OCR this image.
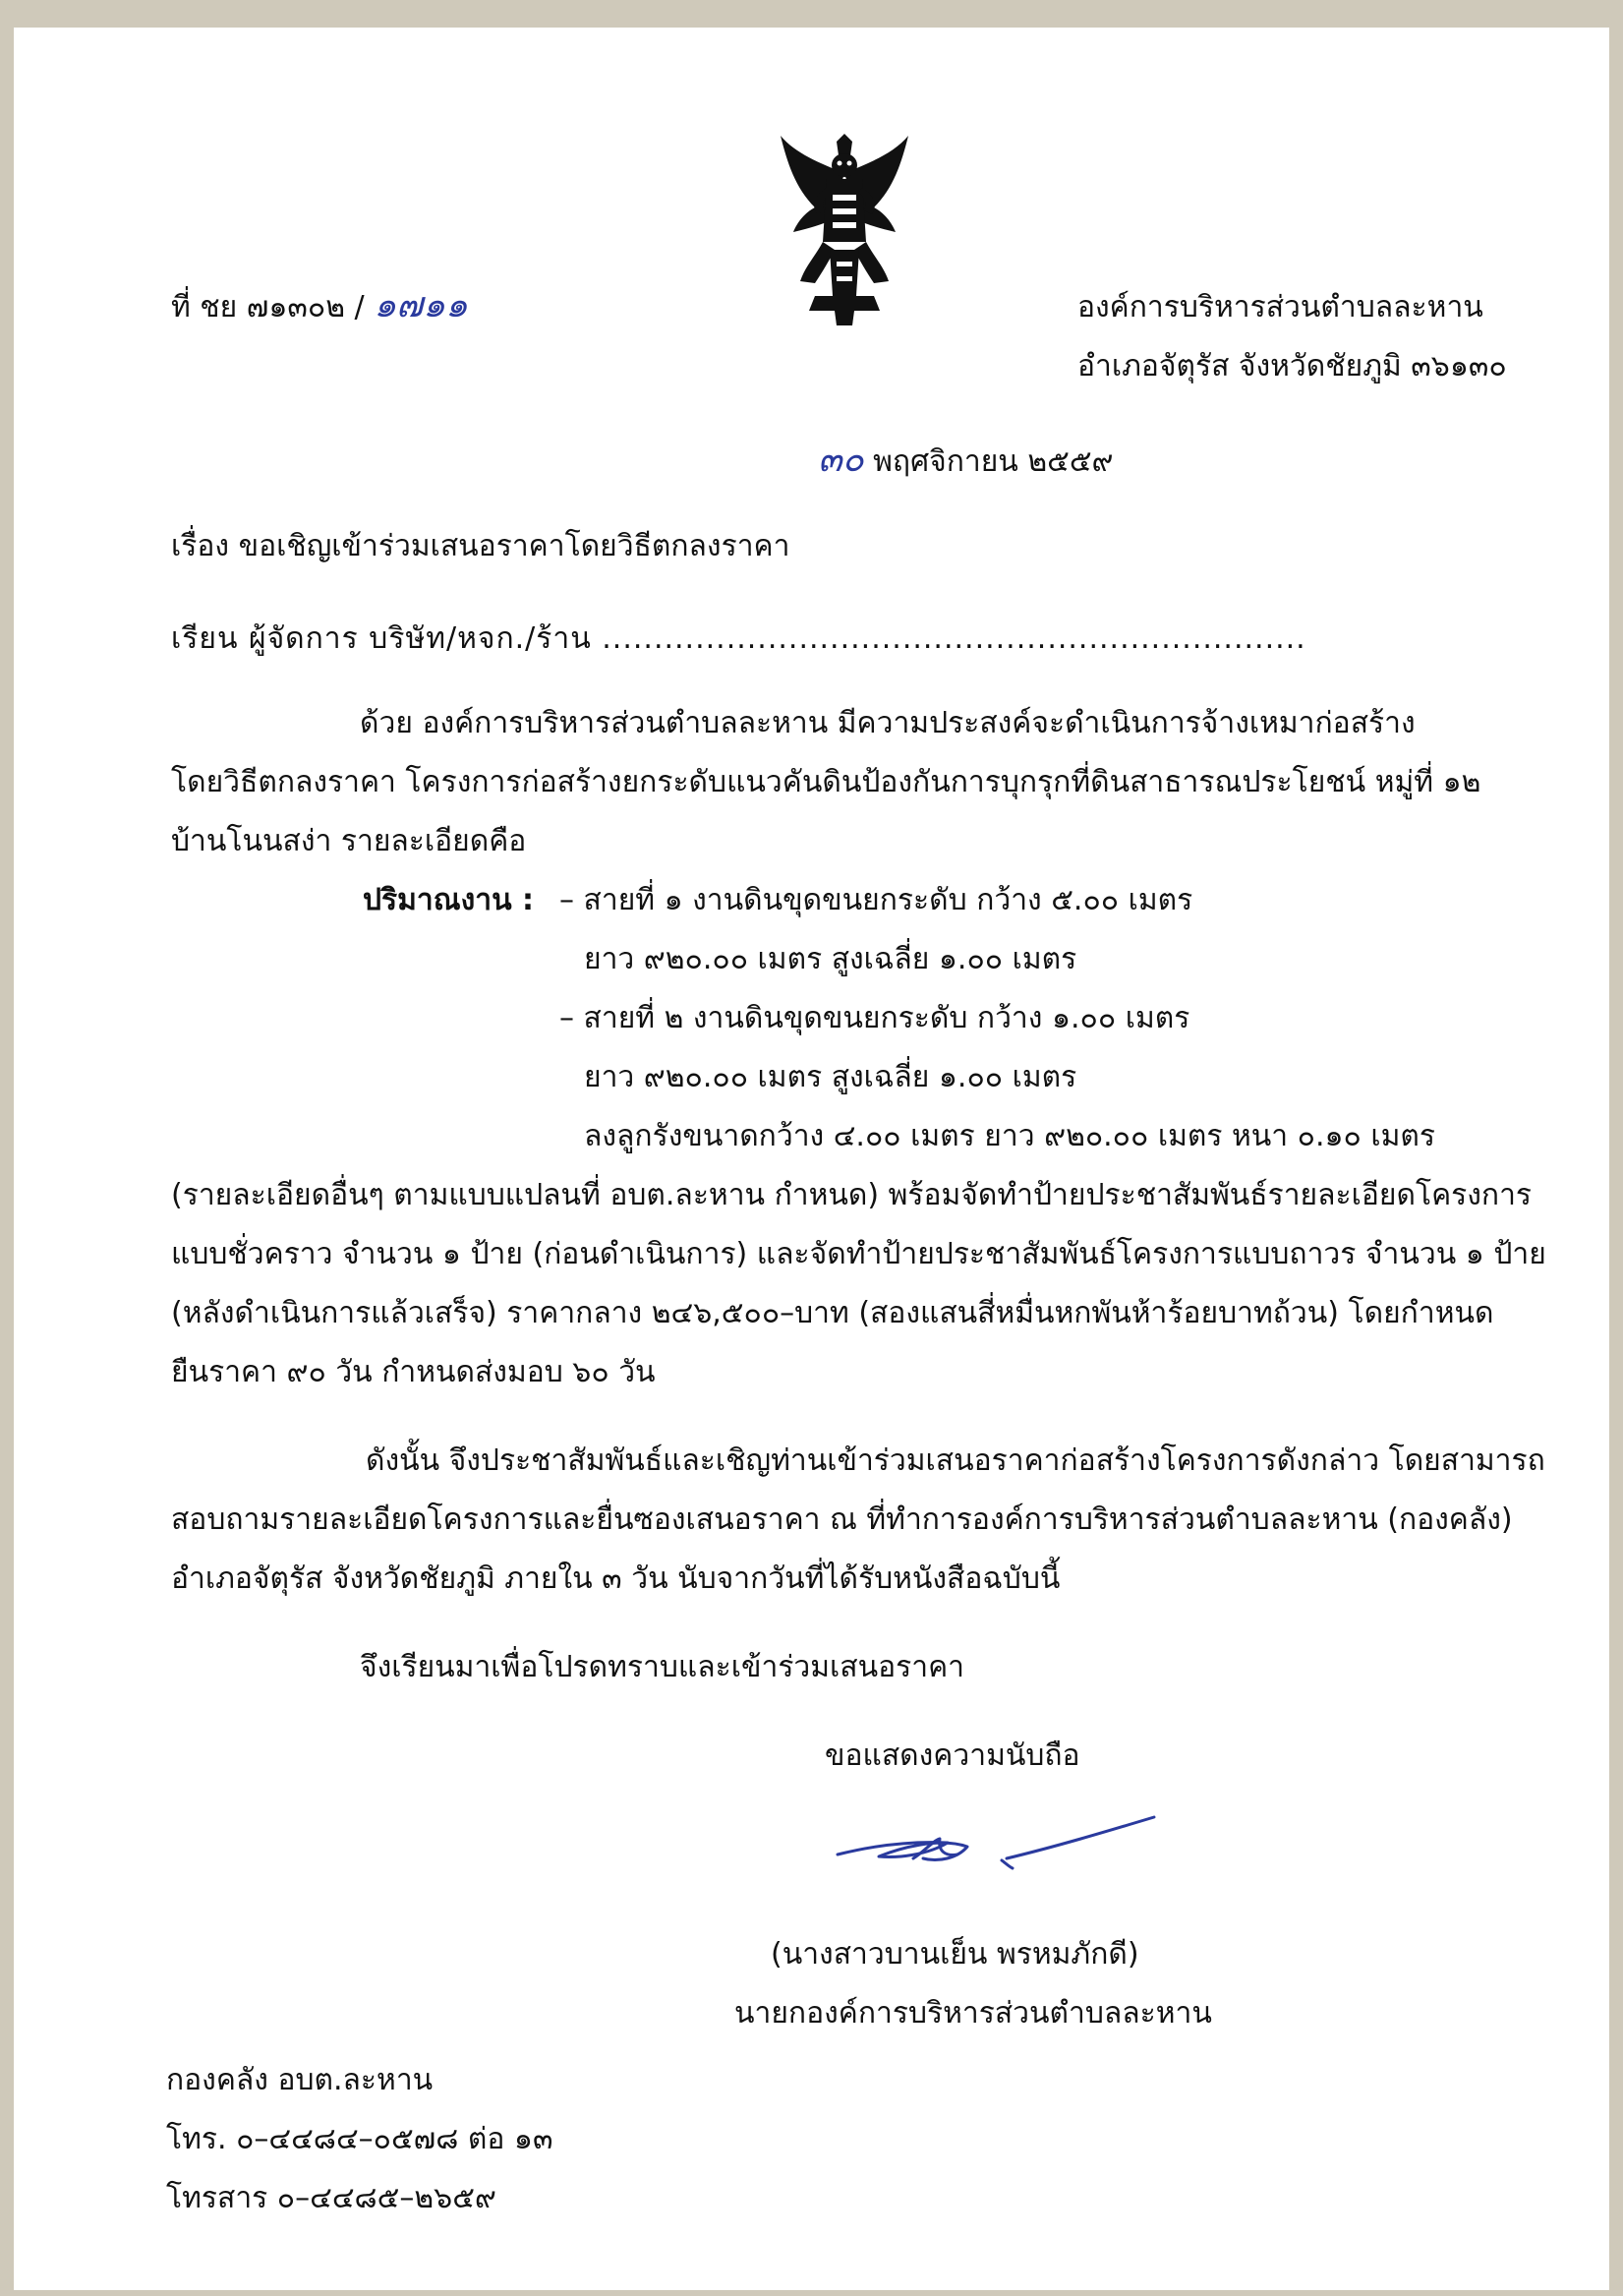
ที่ ชย ๗๑๓๐๒ / ๑๗๑๑	องค์การบริหารส่วนตำบลละหาน
อำเภอจัตุรัส จังหวัดชัยภูมิ ๓๖๑๓๐
๓๐ พฤศจิกายน ๒๕๕๙
เรื่อง ขอเชิญเข้าร่วมเสนอราคาโดยวิธีตกลงราคา
เรียน ผู้จัดการ บริษัท/หจก./ร้าน ....................................................................
ด้วย องค์การบริหารส่วนตำบลละหาน มีความประสงค์จะดำเนินการจ้างเหมาก่อสร้าง
โดยวิธีตกลงราคา โครงการก่อสร้างยกระดับแนวคันดินป้องกันการบุกรุกที่ดินสาธารณประโยชน์ หมู่ที่ ๑๒
บ้านโนนสง่า รายละเอียดคือ
ปริมาณงาน : – สายที่ ๑ งานดินขุดขนยกระดับ กว้าง ๕.๐๐ เมตร
ยาว ๙๒๐.๐๐ เมตร สูงเฉลี่ย ๑.๐๐ เมตร
– สายที่ ๒ งานดินขุดขนยกระดับ กว้าง ๑.๐๐ เมตร
ยาว ๙๒๐.๐๐ เมตร สูงเฉลี่ย ๑.๐๐ เมตร
ลงลูกรังขนาดกว้าง ๔.๐๐ เมตร ยาว ๙๒๐.๐๐ เมตร หนา ๐.๑๐ เมตร
(รายละเอียดอื่นๆ ตามแบบแปลนที่ อบต.ละหาน กำหนด) พร้อมจัดทำป้ายประชาสัมพันธ์รายละเอียดโครงการ
แบบชั่วคราว จำนวน ๑ ป้าย (ก่อนดำเนินการ) และจัดทำป้ายประชาสัมพันธ์โครงการแบบถาวร จำนวน ๑ ป้าย
(หลังดำเนินการแล้วเสร็จ) ราคากลาง ๒๔๖,๕๐๐–บาท (สองแสนสี่หมื่นหกพันห้าร้อยบาทถ้วน) โดยกำหนด
ยืนราคา ๙๐ วัน กำหนดส่งมอบ ๖๐ วัน
ดังนั้น จึงประชาสัมพันธ์และเชิญท่านเข้าร่วมเสนอราคาก่อสร้างโครงการดังกล่าว โดยสามารถ
สอบถามรายละเอียดโครงการและยื่นซองเสนอราคา ณ ที่ทำการองค์การบริหารส่วนตำบลละหาน (กองคลัง)
อำเภอจัตุรัส จังหวัดชัยภูมิ ภายใน ๓ วัน นับจากวันที่ได้รับหนังสือฉบับนี้
จึงเรียนมาเพื่อโปรดทราบและเข้าร่วมเสนอราคา
ขอแสดงความนับถือ
(นางสาวบานเย็น พรหมภักดี)
นายกองค์การบริหารส่วนตำบลละหาน
กองคลัง อบต.ละหาน
โทร. ๐–๔๔๘๔–๐๕๗๘ ต่อ ๑๓
โทรสาร ๐–๔๔๘๕–๒๖๕๙
